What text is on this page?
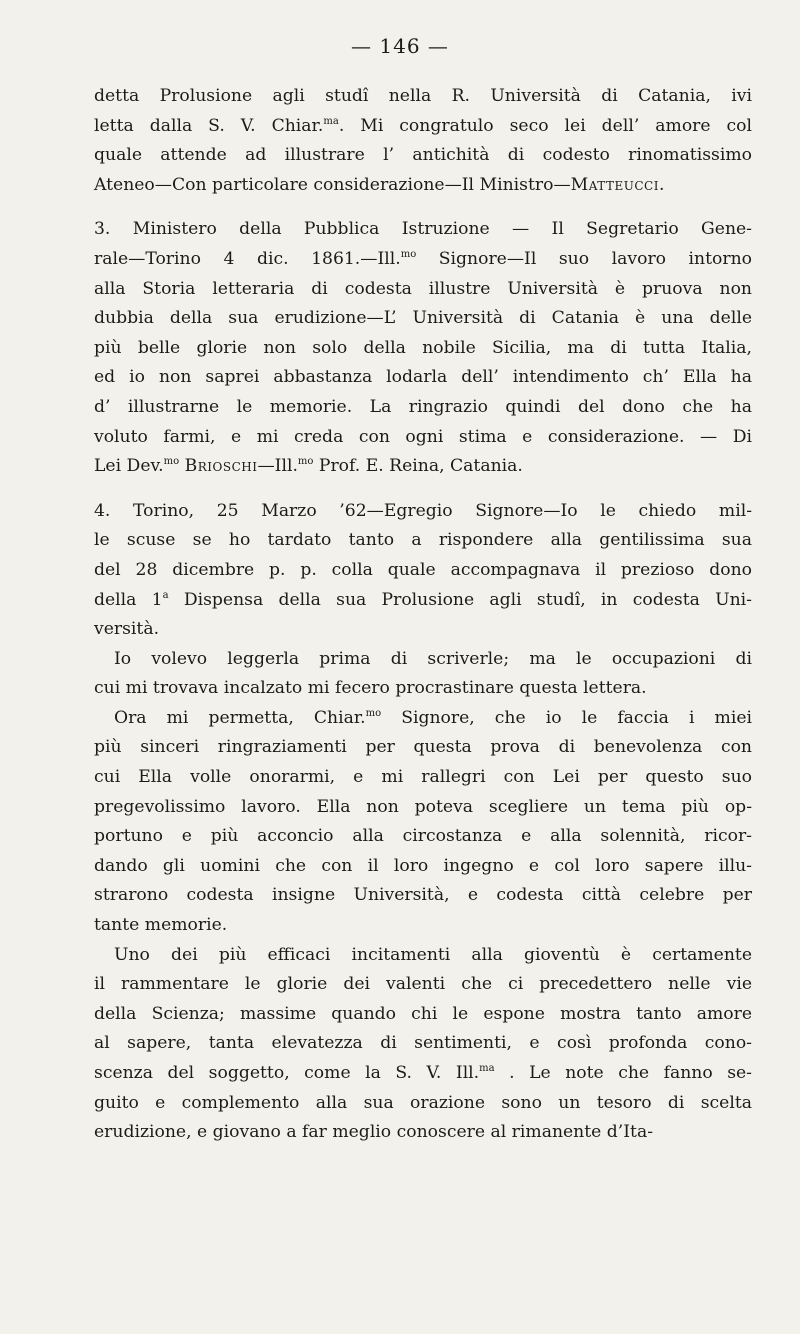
— 146 —
detta Prolusione agli studî nella R. Università di Catania, ivi
letta dalla S. V. Chiar.$^{ma}$. Mi congratulo seco lei dell’ amore col
quale attende ad illustrare l’ antichità di codesto rinomatissimo
Ateneo—Con particolare considerazione—Il Ministro—Matteucci.
3. Ministero della Pubblica Istruzione — Il Segretario Gene-
rale—Torino 4 dic. 1861.—Ill.$^{mo}$ Signore—Il suo lavoro intorno
alla Storia letteraria di codesta illustre Università è pruova non
dubbia della sua erudizione—L’ Università di Catania è una delle
più belle glorie non solo della nobile Sicilia, ma di tutta Italia,
ed io non saprei abbastanza lodarla dell’ intendimento ch’ Ella ha
d’ illustrarne le memorie. La ringrazio quindi del dono che ha
voluto farmi, e mi creda con ogni stima e considerazione. — Di
Lei Dev.$^{mo}$ Brioschi—Ill.$^{mo}$ Prof. E. Reina, Catania.
4. Torino, 25 Marzo ’62—Egregio Signore—Io le chiedo mil-
le scuse se ho tardato tanto a rispondere alla gentilissima sua
del 28 dicembre p. p. colla quale accompagnava il prezioso dono
della 1$^a$ Dispensa della sua Prolusione agli studî, in codesta Uni-
versità.
Io volevo leggerla prima di scriverle; ma le occupazioni di
cui mi trovava incalzato mi fecero procrastinare questa lettera.
Ora mi permetta, Chiar.$^{mo}$ Signore, che io le faccia i miei
più sinceri ringraziamenti per questa prova di benevolenza con
cui Ella volle onorarmi, e mi rallegri con Lei per questo suo
pregevolissimo lavoro. Ella non poteva scegliere un tema più op-
portuno e più acconcio alla circostanza e alla solennità, ricor-
dando gli uomini che con il loro ingegno e col loro sapere illu-
strarono codesta insigne Università, e codesta città celebre per
tante memorie.
Uno dei più efficaci incitamenti alla gioventù è certamente
il rammentare le glorie dei valenti che ci precedettero nelle vie
della Scienza; massime quando chi le espone mostra tanto amore
al sapere, tanta elevatezza di sentimenti, e così profonda cono-
scenza del soggetto, come la S. V. Ill.$^{ma}$ . Le note che fanno se-
guito e complemento alla sua orazione sono un tesoro di scelta
erudizione, e giovano a far meglio conoscere al rimanente d’Ita-
